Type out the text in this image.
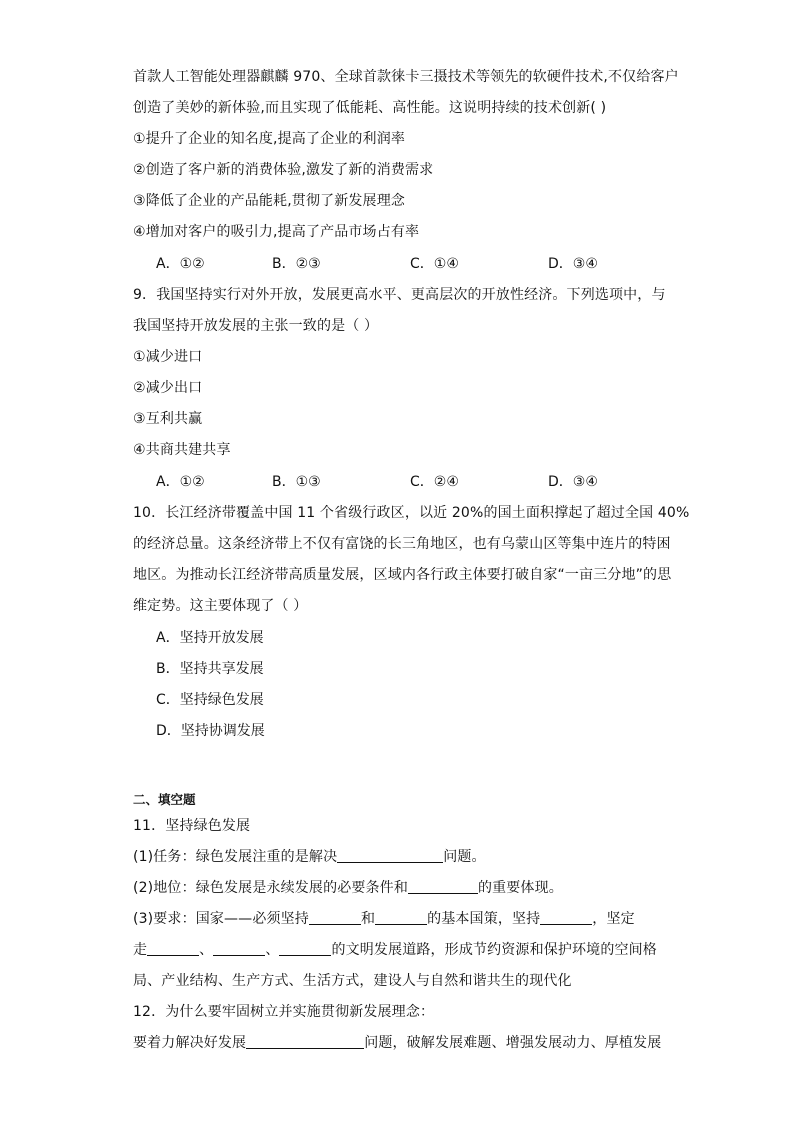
首款人工智能处理器麒麟 970、全球首款徕卡三摄技术等领先的软硬件技术,不仅给客户
创造了美妙的新体验,而且实现了低能耗、高性能。这说明持续的技术创新( )
①提升了企业的知名度,提高了企业的利润率
②创造了客户新的消费体验,激发了新的消费需求
③降低了企业的产品能耗,贯彻了新发展理念
④增加对客户的吸引力,提高了产品市场占有率
A．①②	B．②③	C．①④	D．③④
9．我国坚持实行对外开放，发展更高水平、更高层次的开放性经济。下列选项中，与
我国坚持开放发展的主张一致的是（ ）
①减少进口
②减少出口
③互利共赢
④共商共建共享
A．①②	B．①③	C．②④	D．③④
10．长江经济带覆盖中国 11 个省级行政区，以近 20%的国土面积撑起了超过全国 40%
的经济总量。这条经济带上不仅有富饶的长三角地区，也有乌蒙山区等集中连片的特困
地区。为推动长江经济带高质量发展，区域内各行政主体要打破自家“一亩三分地”的思
维定势。这主要体现了（ ）
A．坚持开放发展
B．坚持共享发展
C．坚持绿色发展
D．坚持协调发展
二、填空题
11．坚持绿色发展
(1)任务：绿色发展注重的是解决	问题。
(2)地位：绿色发展是永续发展的必要条件和	的重要体现。
(3)要求：国家——必须坚持	和	的基本国策，坚持	，坚定
走	、	、	的文明发展道路，形成节约资源和保护环境的空间格
局、产业结构、生产方式、生活方式，建设人与自然和谐共生的现代化
12．为什么要牢固树立并实施贯彻新发展理念：
要着力解决好发展	问题，破解发展难题、增强发展动力、厚植发展
